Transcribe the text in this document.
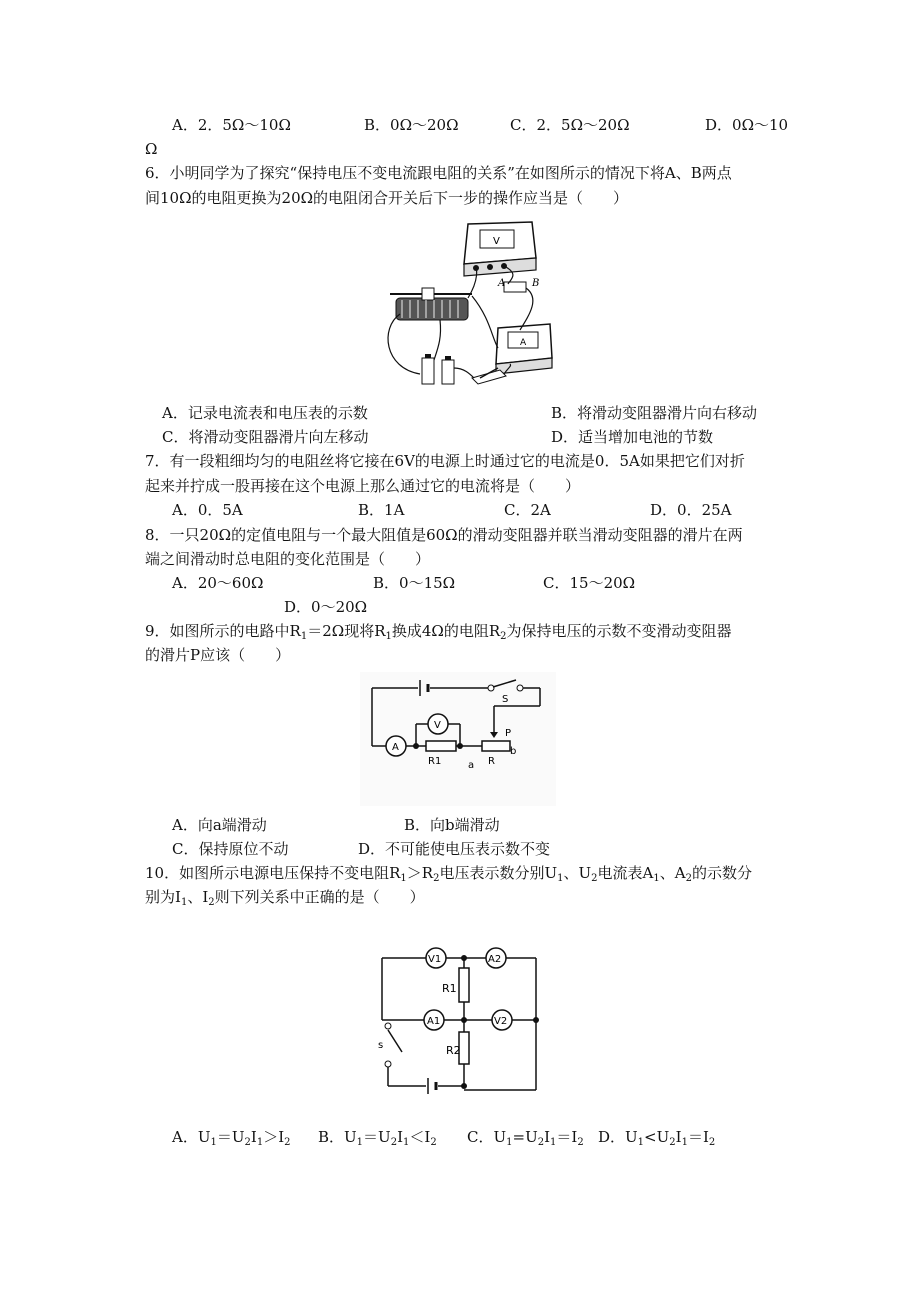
A．2．5Ω～10Ω	B．0Ω～20Ω	C．2．5Ω～20Ω	D．0Ω～10
Ω
6．小明同学为了探究“保持电压不变电流跟电阻的关系”在如图所示的情况下将A、B两点
间10Ω的电阻更换为20Ω的电阻闭合开关后下一步的操作应当是（　　）
V
A
A	B
A．记录电流表和电压表的示数	B．将滑动变阻器滑片向右移动
C．将滑动变阻器滑片向左移动	D．适当增加电池的节数
7．有一段粗细均匀的电阻丝将它接在6V的电源上时通过它的电流是0．5A如果把它们对折
起来并拧成一股再接在这个电源上那么通过它的电流将是（　　）
A．0．5A	B．1A	C．2A	D．0．25A
8．一只20Ω的定值电阻与一个最大阻值是60Ω的滑动变阻器并联当滑动变阻器的滑片在两
端之间滑动时总电阻的变化范围是（　　）
A．20～60Ω	B．0～15Ω	C．15～20Ω
D．0～20Ω
9．如图所示的电路中$R_1=2\Omega$现将$R_1$换成4Ω的电阻$R_2$为保持电压的示数不变滑动变阻器
的滑片P应该（　　）
S
P
A
R1
V
a R
b
A．向a端滑动	B．向b端滑动
C．保持原位不动	D．不可能使电压表示数不变
10．如图所示电源电压保持不变电阻$R_1>R_2$电压表示数分别$U_1$、$U_2$电流表$A_1$、$A_2$的示数分
别为$I_1$、$I_2$则下列关系中正确的是（　　）
V1	A2
R1
A1	V2
R2
s
A．$U_1=U_2I_1>I_2$ B．$U_1=U_2I_1<I_2$ C．$U_1=U_2I_1=I_2$ D．$U_1<U_2I_1=I_2$
